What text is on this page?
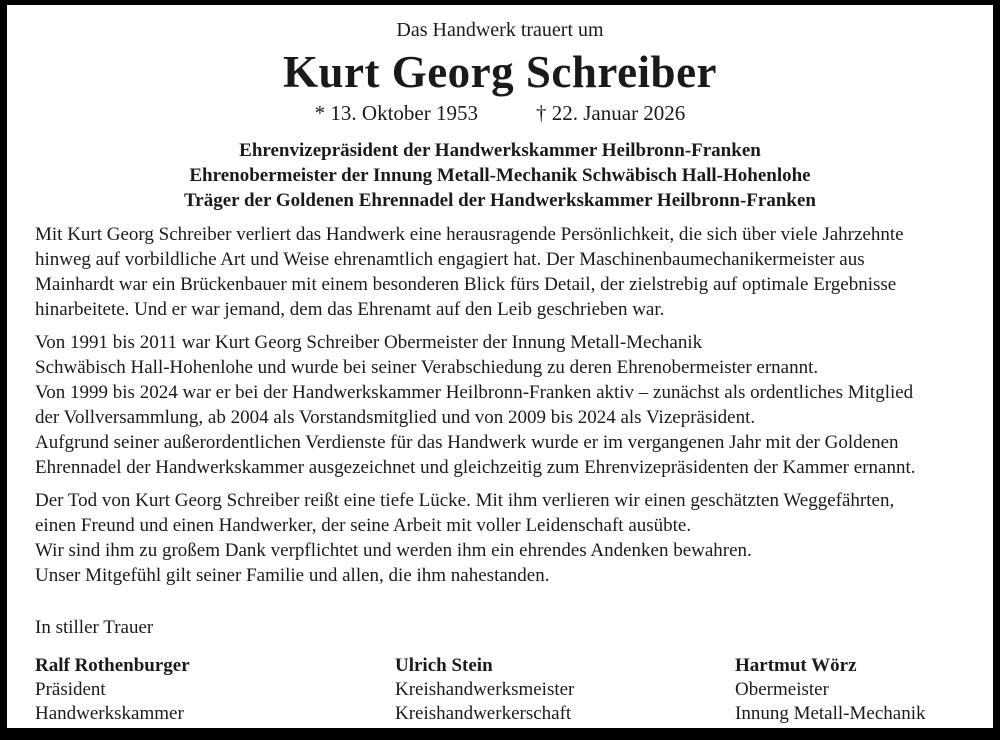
Das Handwerk trauert um
Kurt Georg Schreiber
* 13. Oktober 1953	† 22. Januar 2026
Ehrenvizepräsident der Handwerkskammer Heilbronn-Franken
Ehrenobermeister der Innung Metall-Mechanik Schwäbisch Hall-Hohenlohe
Träger der Goldenen Ehrennadel der Handwerkskammer Heilbronn-Franken
Mit Kurt Georg Schreiber verliert das Handwerk eine herausragende Persönlichkeit, die sich über viele Jahrzehnte
hinweg auf vorbildliche Art und Weise ehrenamtlich engagiert hat. Der Maschinenbaumechanikermeister aus
Mainhardt war ein Brückenbauer mit einem besonderen Blick fürs Detail, der zielstrebig auf optimale Ergebnisse
hinarbeitete. Und er war jemand, dem das Ehrenamt auf den Leib geschrieben war.
Von 1991 bis 2011 war Kurt Georg Schreiber Obermeister der Innung Metall-Mechanik
Schwäbisch Hall-Hohenlohe und wurde bei seiner Verabschiedung zu deren Ehrenobermeister ernannt.
Von 1999 bis 2024 war er bei der Handwerkskammer Heilbronn-Franken aktiv – zunächst als ordentliches Mitglied
der Vollversammlung, ab 2004 als Vorstandsmitglied und von 2009 bis 2024 als Vizepräsident.
Aufgrund seiner außerordentlichen Verdienste für das Handwerk wurde er im vergangenen Jahr mit der Goldenen
Ehrennadel der Handwerkskammer ausgezeichnet und gleichzeitig zum Ehrenvizepräsidenten der Kammer ernannt.
Der Tod von Kurt Georg Schreiber reißt eine tiefe Lücke. Mit ihm verlieren wir einen geschätzten Weggefährten,
einen Freund und einen Handwerker, der seine Arbeit mit voller Leidenschaft ausübte.
Wir sind ihm zu großem Dank verpflichtet und werden ihm ein ehrendes Andenken bewahren.
Unser Mitgefühl gilt seiner Familie und allen, die ihm nahestanden.
In stiller Trauer
Ralf Rothenburger
Präsident
Handwerkskammer
Heilbronn-Franken
Ulrich Stein
Kreishandwerksmeister
Kreishandwerkerschaft
Schwäbisch Hall
Hartmut Wörz
Obermeister
Innung Metall-Mechanik
Schwäbisch Hall-Hohenlohe
